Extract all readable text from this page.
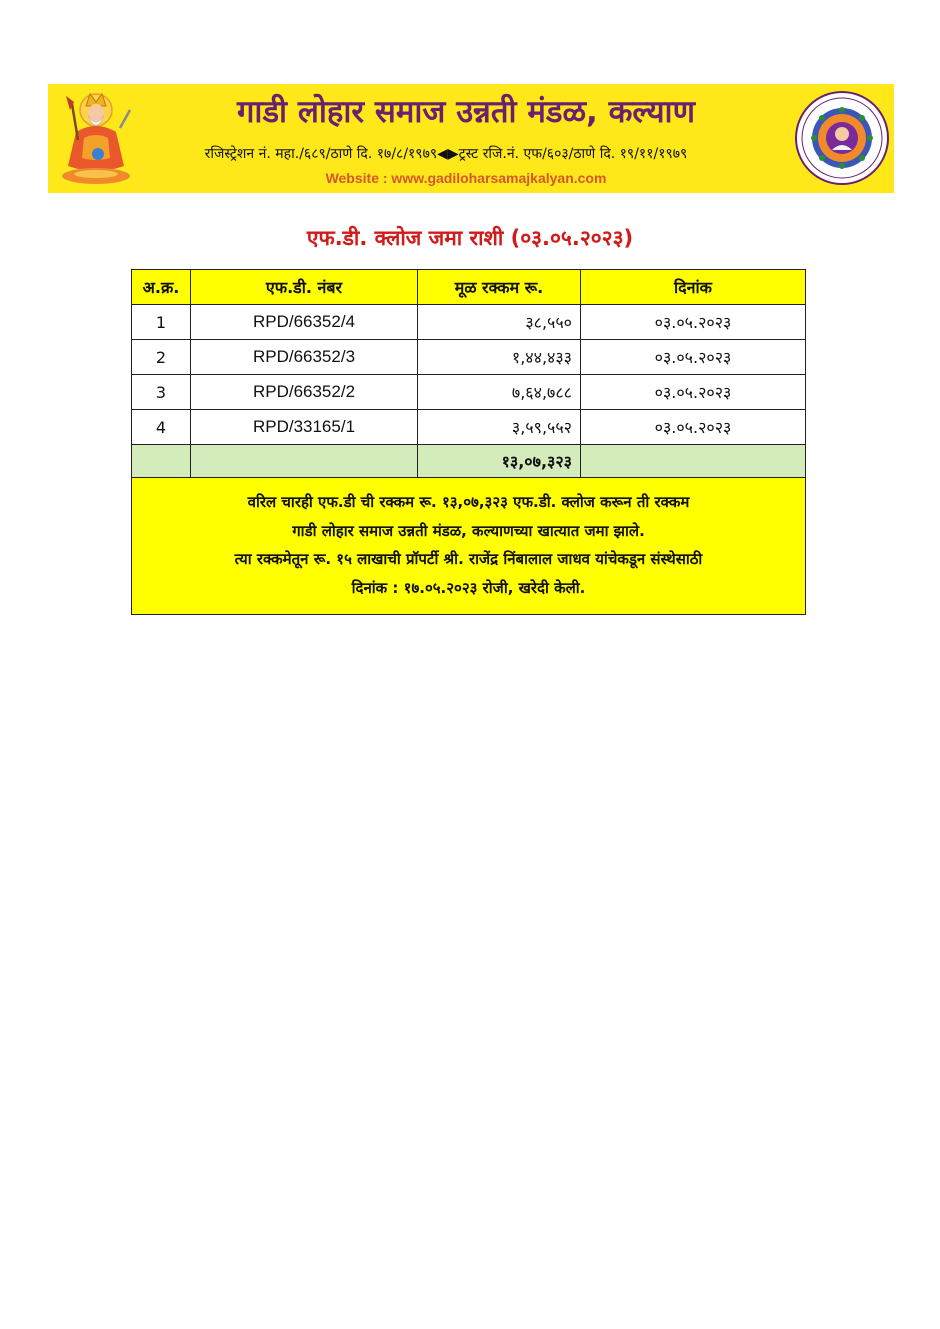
गाडी लोहार समाज उन्नती मंडळ, कल्याण
रजिस्ट्रेशन नं. महा./६८९/ठाणे दि. १७/८/१९७९◀▶ट्रस्ट रजि.नं. एफ/६०३/ठाणे दि. १९/११/१९७९
Website : www.gadiloharsamajkalyan.com
एफ.डी. क्लोज जमा राशी (०३.०५.२०२३)
अ.क्र.	एफ.डी. नंबर	मूळ रक्कम रू.	दिनांक
1	RPD/66352/4	३८,५५०	०३.०५.२०२३
2	RPD/66352/3	१,४४,४३३	०३.०५.२०२३
3	RPD/66352/2	७,६४,७८८	०३.०५.२०२३
4	RPD/33165/1	३,५९,५५२	०३.०५.२०२३
		१३,०७,३२३	

वरिल चारही एफ.डी ची रक्कम रू. १३,०७,३२३ एफ.डी. क्लोज करून ती रक्कम
गाडी लोहार समाज उन्नती मंडळ, कल्याणच्या खात्यात जमा झाले.
त्या रक्कमेतून रू. १५ लाखाची प्रॉपर्टी श्री. राजेंद्र निंबालाल जाधव यांचेकडून संस्थेसाठी
दिनांक : १७.०५.२०२३ रोजी, खरेदी केली.			
